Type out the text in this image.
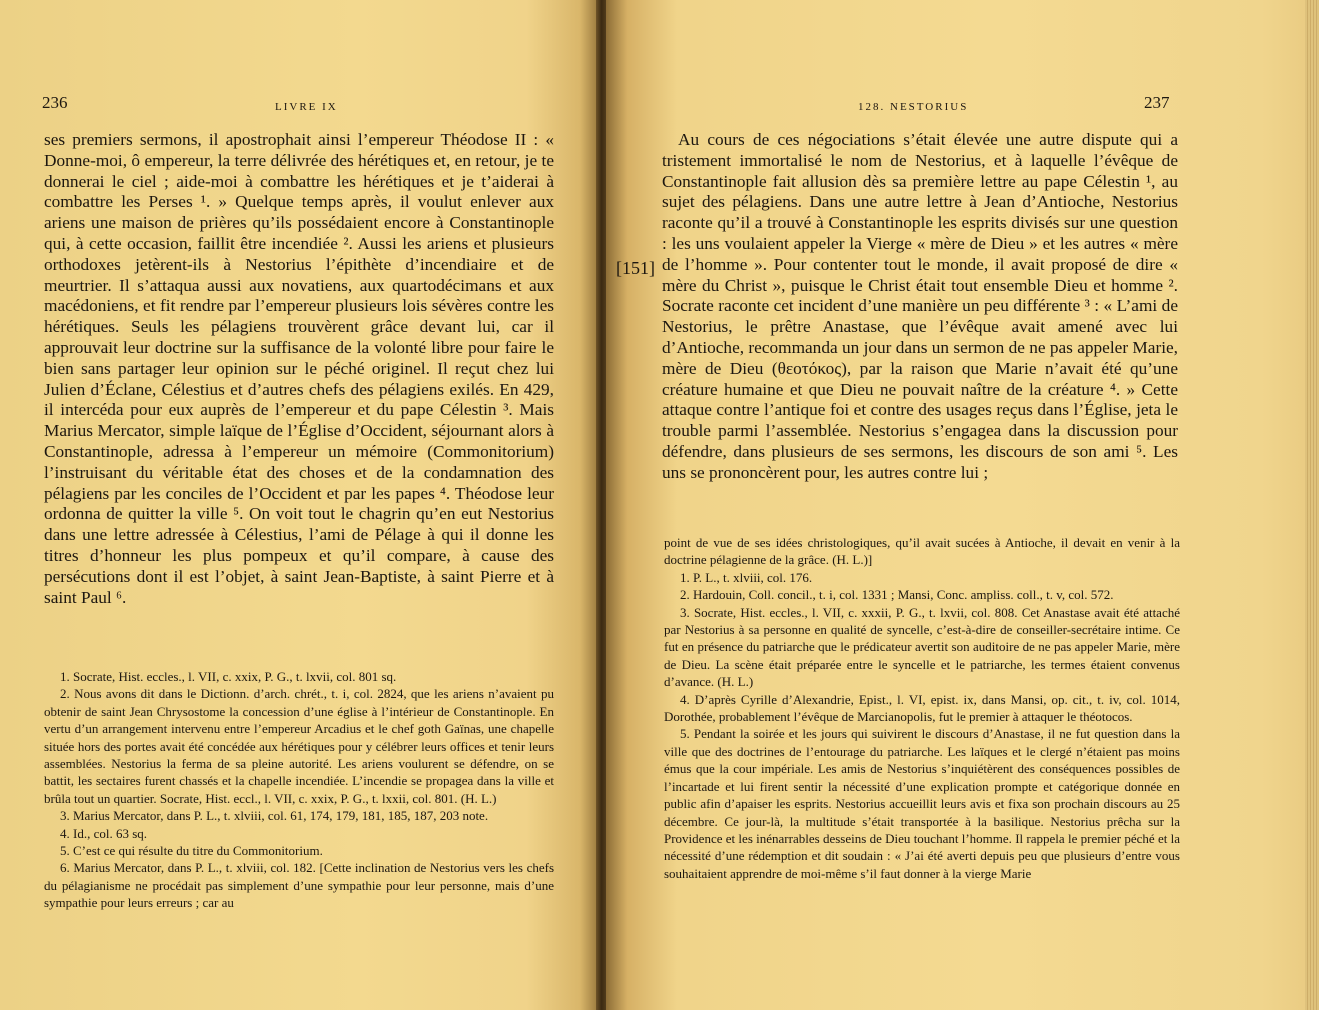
236	LIVRE IX

ses premiers sermons, il apostrophait ainsi l’empereur Théodose II : « Donne-moi, ô empereur, la terre délivrée des hérétiques et, en retour, je te donnerai le ciel ; aide-moi à combattre les hérétiques et je t’aiderai à combattre les Perses ¹. » Quelque temps après, il voulut enlever aux ariens une maison de prières qu’ils possédaient encore à Constantinople qui, à cette occasion, faillit être incendiée ². Aussi les ariens et plusieurs orthodoxes jetèrent-ils à Nestorius l’épithète d’incendiaire et de meurtrier. Il s’attaqua aussi aux novatiens, aux quartodécimans et aux macédoniens, et fit rendre par l’empereur plusieurs lois sévères contre les hérétiques. Seuls les pélagiens trouvèrent grâce devant lui, car il approuvait leur doctrine sur la suffisance de la volonté libre pour faire le bien sans partager leur opinion sur le péché originel. Il reçut chez lui Julien d’Éclane, Célestius et d’autres chefs des pélagiens exilés. En 429, il intercéda pour eux auprès de l’empereur et du pape Célestin ³. Mais Marius Mercator, simple laïque de l’Église d’Occident, séjournant alors à Constantinople, adressa à l’empereur un mémoire (Commonitorium) l’instruisant du véritable état des choses et de la condamnation des pélagiens par les conciles de l’Occident et par les papes ⁴. Théodose leur ordonna de quitter la ville ⁵. On voit tout le chagrin qu’en eut Nestorius dans une lettre adressée à Célestius, l’ami de Pélage à qui il donne les titres d’honneur les plus pompeux et qu’il compare, à cause des persécutions dont il est l’objet, à saint Jean-Baptiste, à saint Pierre et à saint Paul ⁶.

1. Socrate, Hist. eccles., l. VII, c. xxix, P. G., t. lxvii, col. 801 sq.

2. Nous avons dit dans le Dictionn. d’arch. chrét., t. i, col. 2824, que les ariens n’avaient pu obtenir de saint Jean Chrysostome la concession d’une église à l’intérieur de Constantinople. En vertu d’un arrangement intervenu entre l’empereur Arcadius et le chef goth Gaïnas, une chapelle située hors des portes avait été concédée aux hérétiques pour y célébrer leurs offices et tenir leurs assemblées. Nestorius la ferma de sa pleine autorité. Les ariens voulurent se défendre, on se battit, les sectaires furent chassés et la chapelle incendiée. L’incendie se propagea dans la ville et brûla tout un quartier. Socrate, Hist. eccl., l. VII, c. xxix, P. G., t. lxxii, col. 801. (H. L.)

3. Marius Mercator, dans P. L., t. xlviii, col. 61, 174, 179, 181, 185, 187, 203 note.

4. Id., col. 63 sq.

5. C’est ce qui résulte du titre du Commonitorium.

6. Marius Mercator, dans P. L., t. xlviii, col. 182. [Cette inclination de Nestorius vers les chefs du pélagianisme ne procédait pas simplement d’une sympathie pour leur personne, mais d’une sympathie pour leurs erreurs ; car au

128. NESTORIUS	237
[151]

Au cours de ces négociations s’était élevée une autre dispute qui a tristement immortalisé le nom de Nestorius, et à laquelle l’évêque de Constantinople fait allusion dès sa première lettre au pape Célestin ¹, au sujet des pélagiens. Dans une autre lettre à Jean d’Antioche, Nestorius raconte qu’il a trouvé à Constantinople les esprits divisés sur une question : les uns voulaient appeler la Vierge « mère de Dieu » et les autres « mère de l’homme ». Pour contenter tout le monde, il avait proposé de dire « mère du Christ », puisque le Christ était tout ensemble Dieu et homme ². Socrate raconte cet incident d’une manière un peu différente ³ : « L’ami de Nestorius, le prêtre Anastase, que l’évêque avait amené avec lui d’Antioche, recommanda un jour dans un sermon de ne pas appeler Marie, mère de Dieu (θεοτόκος), par la raison que Marie n’avait été qu’une créature humaine et que Dieu ne pouvait naître de la créature ⁴. » Cette attaque contre l’antique foi et contre des usages reçus dans l’Église, jeta le trouble parmi l’assemblée. Nestorius s’engagea dans la discussion pour défendre, dans plusieurs de ses sermons, les discours de son ami ⁵. Les uns se prononcèrent pour, les autres contre lui ;

point de vue de ses idées christologiques, qu’il avait sucées à Antioche, il devait en venir à la doctrine pélagienne de la grâce. (H. L.)]

1. P. L., t. xlviii, col. 176.

2. Hardouin, Coll. concil., t. i, col. 1331 ; Mansi, Conc. ampliss. coll., t. v, col. 572.

3. Socrate, Hist. eccles., l. VII, c. xxxii, P. G., t. lxvii, col. 808. Cet Anastase avait été attaché par Nestorius à sa personne en qualité de syncelle, c’est-à-dire de conseiller-secrétaire intime. Ce fut en présence du patriarche que le prédicateur avertit son auditoire de ne pas appeler Marie, mère de Dieu. La scène était préparée entre le syncelle et le patriarche, les termes étaient convenus d’avance. (H. L.)

4. D’après Cyrille d’Alexandrie, Epist., l. VI, epist. ix, dans Mansi, op. cit., t. iv, col. 1014, Dorothée, probablement l’évêque de Marcianopolis, fut le premier à attaquer le théotocos.

5. Pendant la soirée et les jours qui suivirent le discours d’Anastase, il ne fut question dans la ville que des doctrines de l’entourage du patriarche. Les laïques et le clergé n’étaient pas moins émus que la cour impériale. Les amis de Nestorius s’inquiétèrent des conséquences possibles de l’incartade et lui firent sentir la nécessité d’une explication prompte et catégorique donnée en public afin d’apaiser les esprits. Nestorius accueillit leurs avis et fixa son prochain discours au 25 décembre. Ce jour-là, la multitude s’était transportée à la basilique. Nestorius prêcha sur la Providence et les inénarrables desseins de Dieu touchant l’homme. Il rappela le premier péché et la nécessité d’une rédemption et dit soudain : « J’ai été averti depuis peu que plusieurs d’entre vous souhaitaient apprendre de moi-même s’il faut donner à la vierge Marie
